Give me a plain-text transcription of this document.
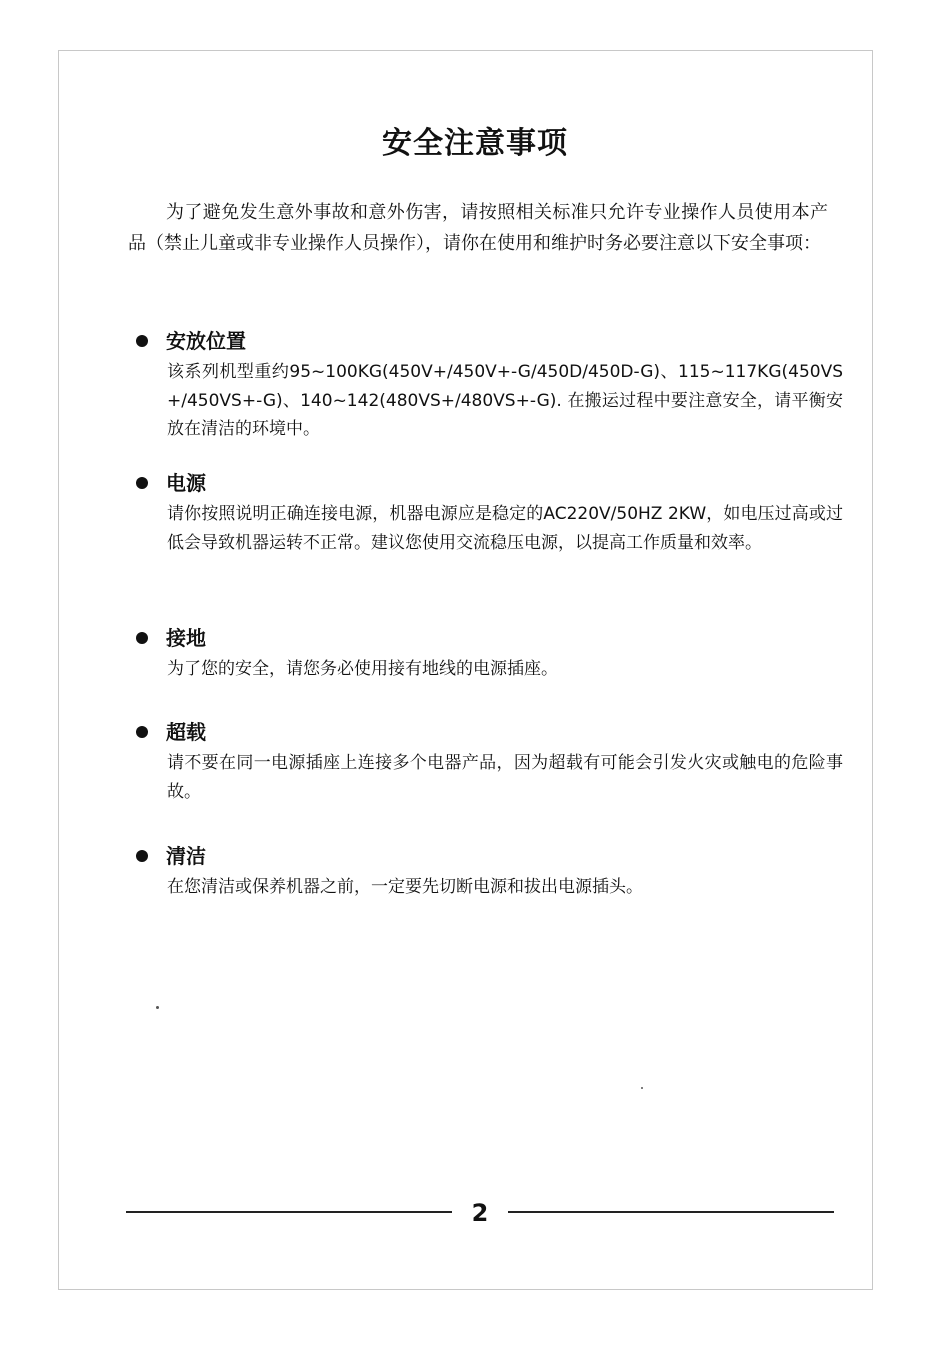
安全注意事项

为了避免发生意外事故和意外伤害，请按照相关标准只允许专业操作人员使用本产品（禁止儿童或非专业操作人员操作），请你在使用和维护时务必要注意以下安全事项：

安放位置
该系列机型重约95~100KG(450V+/450V+-G/450D/450D-G)、115~117KG(450VS+/450VS+-G)、140~142(480VS+/480VS+-G). 在搬运过程中要注意安全，请平衡安放在清洁的环境中。
电源
请你按照说明正确连接电源，机器电源应是稳定的AC220V/50HZ 2KW，如电压过高或过低会导致机器运转不正常。建议您使用交流稳压电源，以提高工作质量和效率。
接地
为了您的安全，请您务必使用接有地线的电源插座。
超载
请不要在同一电源插座上连接多个电器产品，因为超载有可能会引发火灾或触电的危险事故。
清洁
在您清洁或保养机器之前，一定要先切断电源和拔出电源插头。
2
